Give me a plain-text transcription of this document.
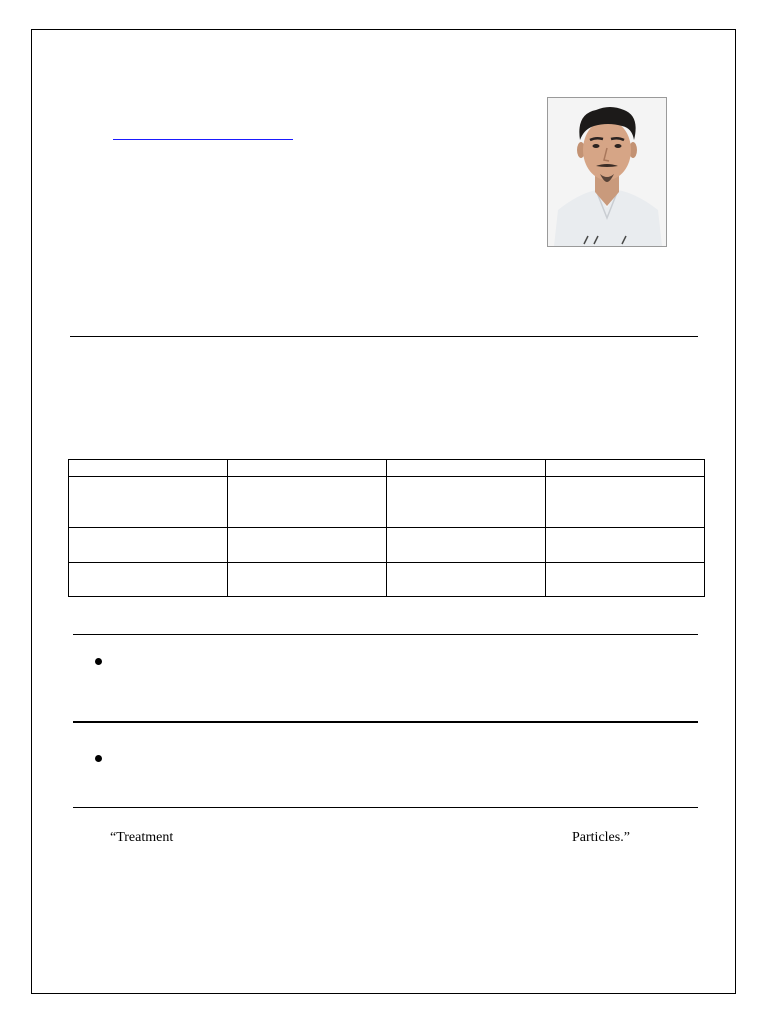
“Treatment	Particles.”
